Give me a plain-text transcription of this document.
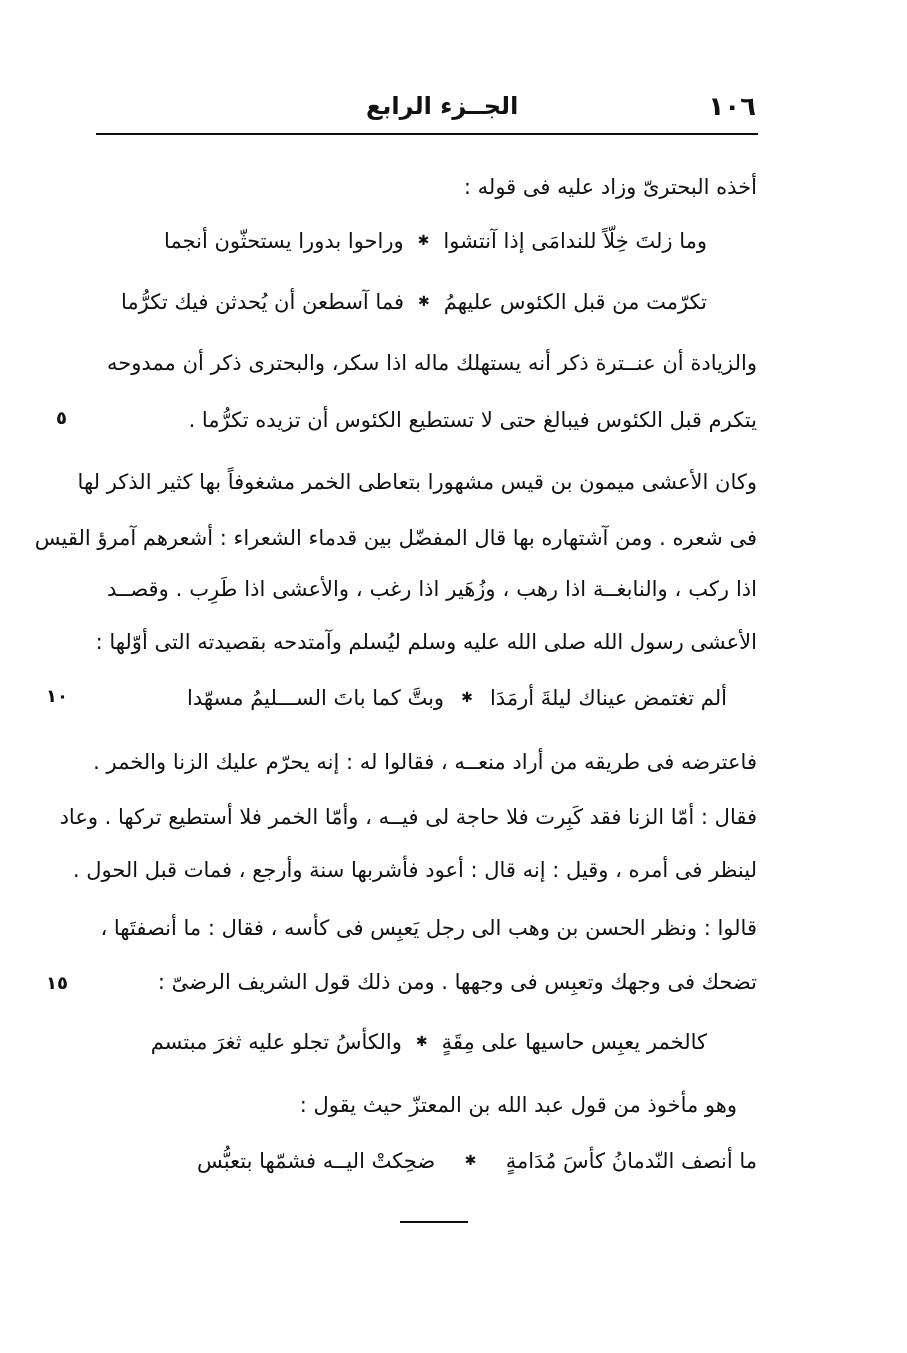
١٠٦
الجــزء الرابع
أخذه البحترىّ وزاد عليه فى قوله :
وما زلتَ خِلّاً للندامَى إذا آنتشوا
✱
وراحوا بدورا يستحثّون أنجما
تكرّمت من قبل الكئوس عليهمُ
✱
فما آسطعن أن يُحدثن فيك تكرُّما
والزيادة أن عنــترة ذكر أنه يستهلك ماله اذا سكر، والبحترى ذكر أن ممدوحه
يتكرم قبل الكئوس فيبالغ حتى لا تستطيع الكئوس أن تزيده تكرُّما .
٥
وكان الأعشى ميمون بن قيس مشهورا بتعاطى الخمر مشغوفاً بها كثير الذكر لها
فى شعره . ومن آشتهاره بها قال المفضّل بين قدماء الشعراء : أشعرهم آمرؤ القيس
اذا ركب ، والنابغــة اذا رهب ، وزُهَير اذا رغب ، والأعشى اذا طَرِب . وقصــد
الأعشى رسول الله صلى الله عليه وسلم ليُسلم وآمتدحه بقصيدته التى أوّلها :
ألم تغتمض عيناك ليلةَ أرمَدَا
✱
وبتَّ كما باتَ الســـليمُ مسهّدا
١٠
فاعترضه فى طريقه من أراد منعــه ، فقالوا له : إنه يحرّم عليك الزنا والخمر .
فقال : أمّا الزنا فقد كَبِرت فلا حاجة لى فيــه ، وأمّا الخمر فلا أستطيع تركها . وعاد
لينظر فى أمره ، وقيل : إنه قال : أعود فأشربها سنة وأرجع ، فمات قبل الحول .
قالوا : ونظر الحسن بن وهب الى رجل يَعبِس فى كأسه ، فقال : ما أنصفتَها ،
تضحك فى وجهك وتعبِس فى وجهها . ومن ذلك قول الشريف الرضىّ :
١٥
كالخمر يعبِس حاسيها على مِقَةٍ
✱
والكأسُ تجلو عليه ثغرَ مبتسم
وهو مأخوذ من قول عبد الله بن المعتزّ حيث يقول :
ما أنصف النّدمانُ كأسَ مُدَامةٍ
✱
ضحِكتْ اليــه فشمّها بتعبُّس
